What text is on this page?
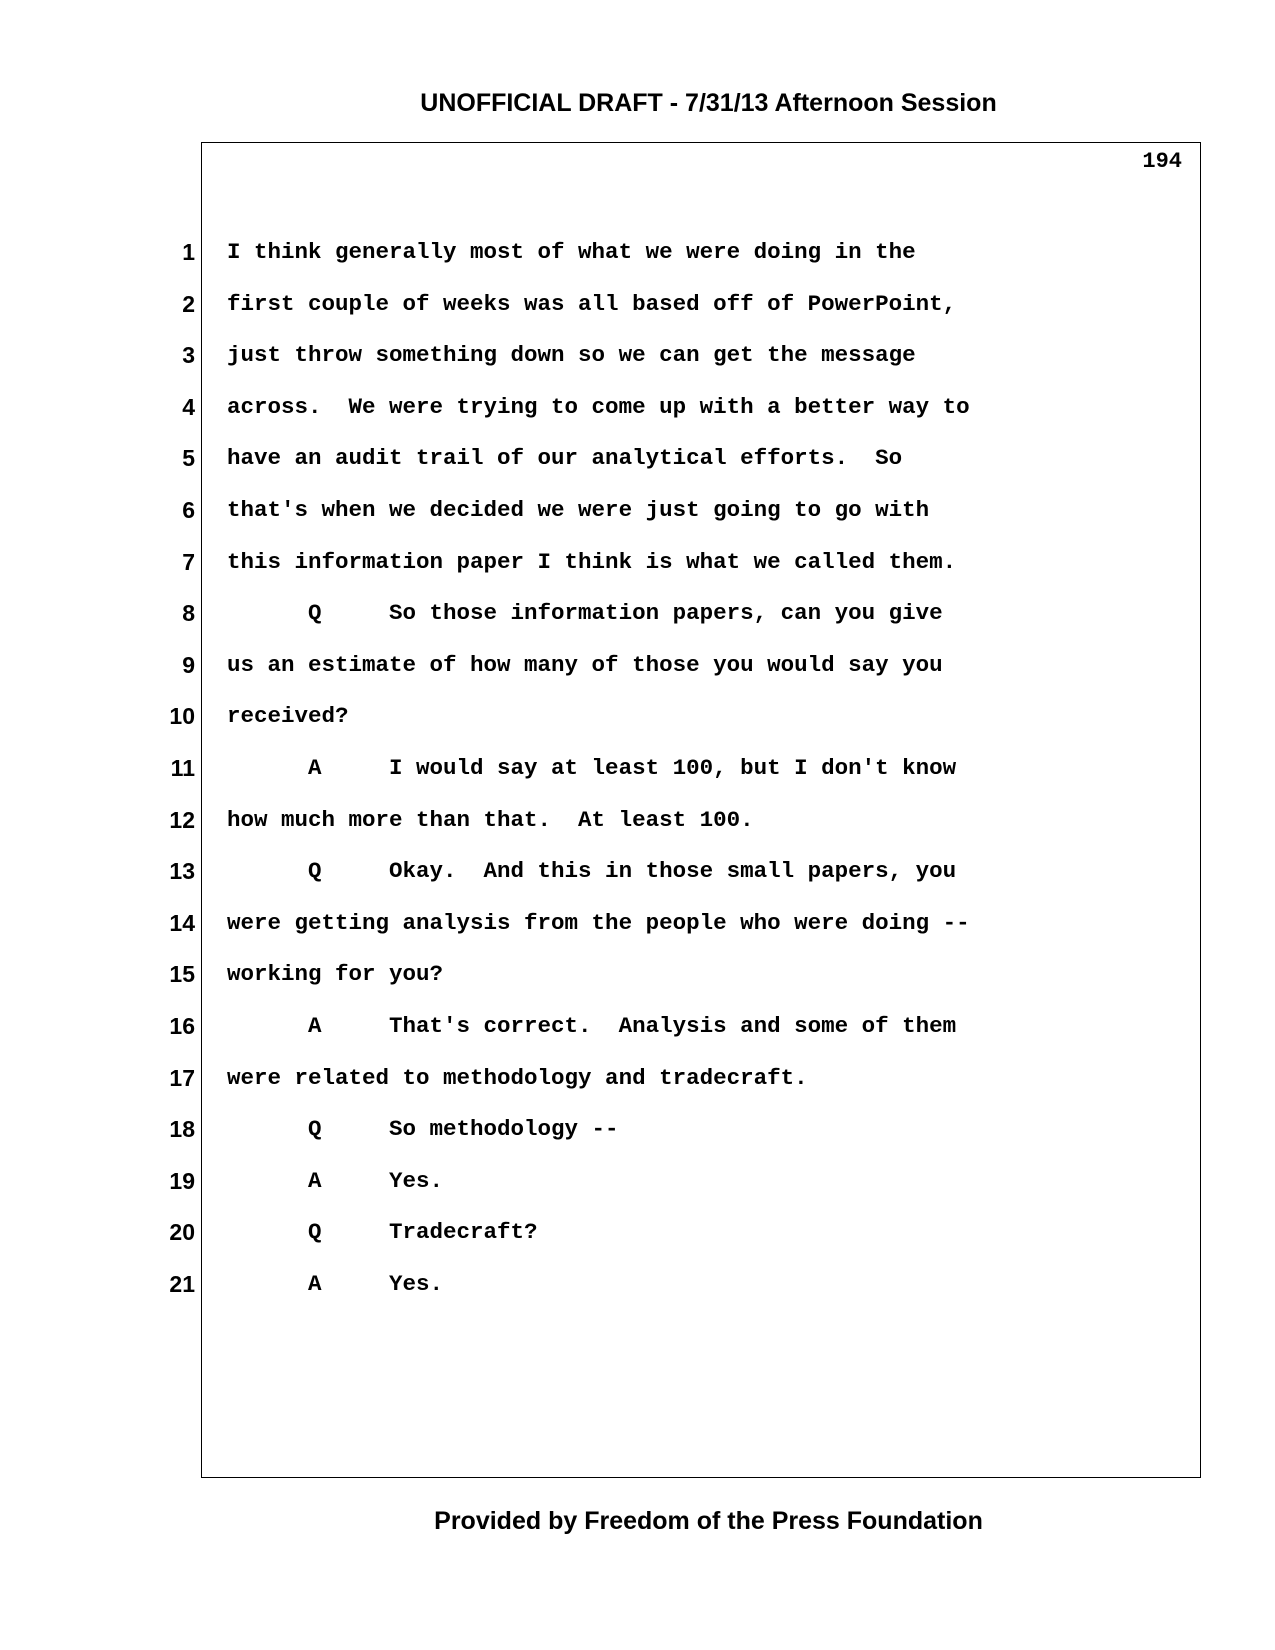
UNOFFICIAL DRAFT - 7/31/13 Afternoon Session
194
1 I think generally most of what we were doing in the
2 first couple of weeks was all based off of PowerPoint,
3 just throw something down so we can get the message
4 across.  We were trying to come up with a better way to
5 have an audit trail of our analytical efforts.  So
6 that's when we decided we were just going to go with
7 this information paper I think is what we called them.
8 Q     So those information papers, can you give
9 us an estimate of how many of those you would say you
10 received?
11 A     I would say at least 100, but I don't know
12 how much more than that.  At least 100.
13 Q     Okay.  And this in those small papers, you
14 were getting analysis from the people who were doing --
15 working for you?
16 A     That's correct.  Analysis and some of them
17 were related to methodology and tradecraft.
18 Q     So methodology --
19 A     Yes.
20 Q     Tradecraft?
21 A     Yes.
Provided by Freedom of the Press Foundation
